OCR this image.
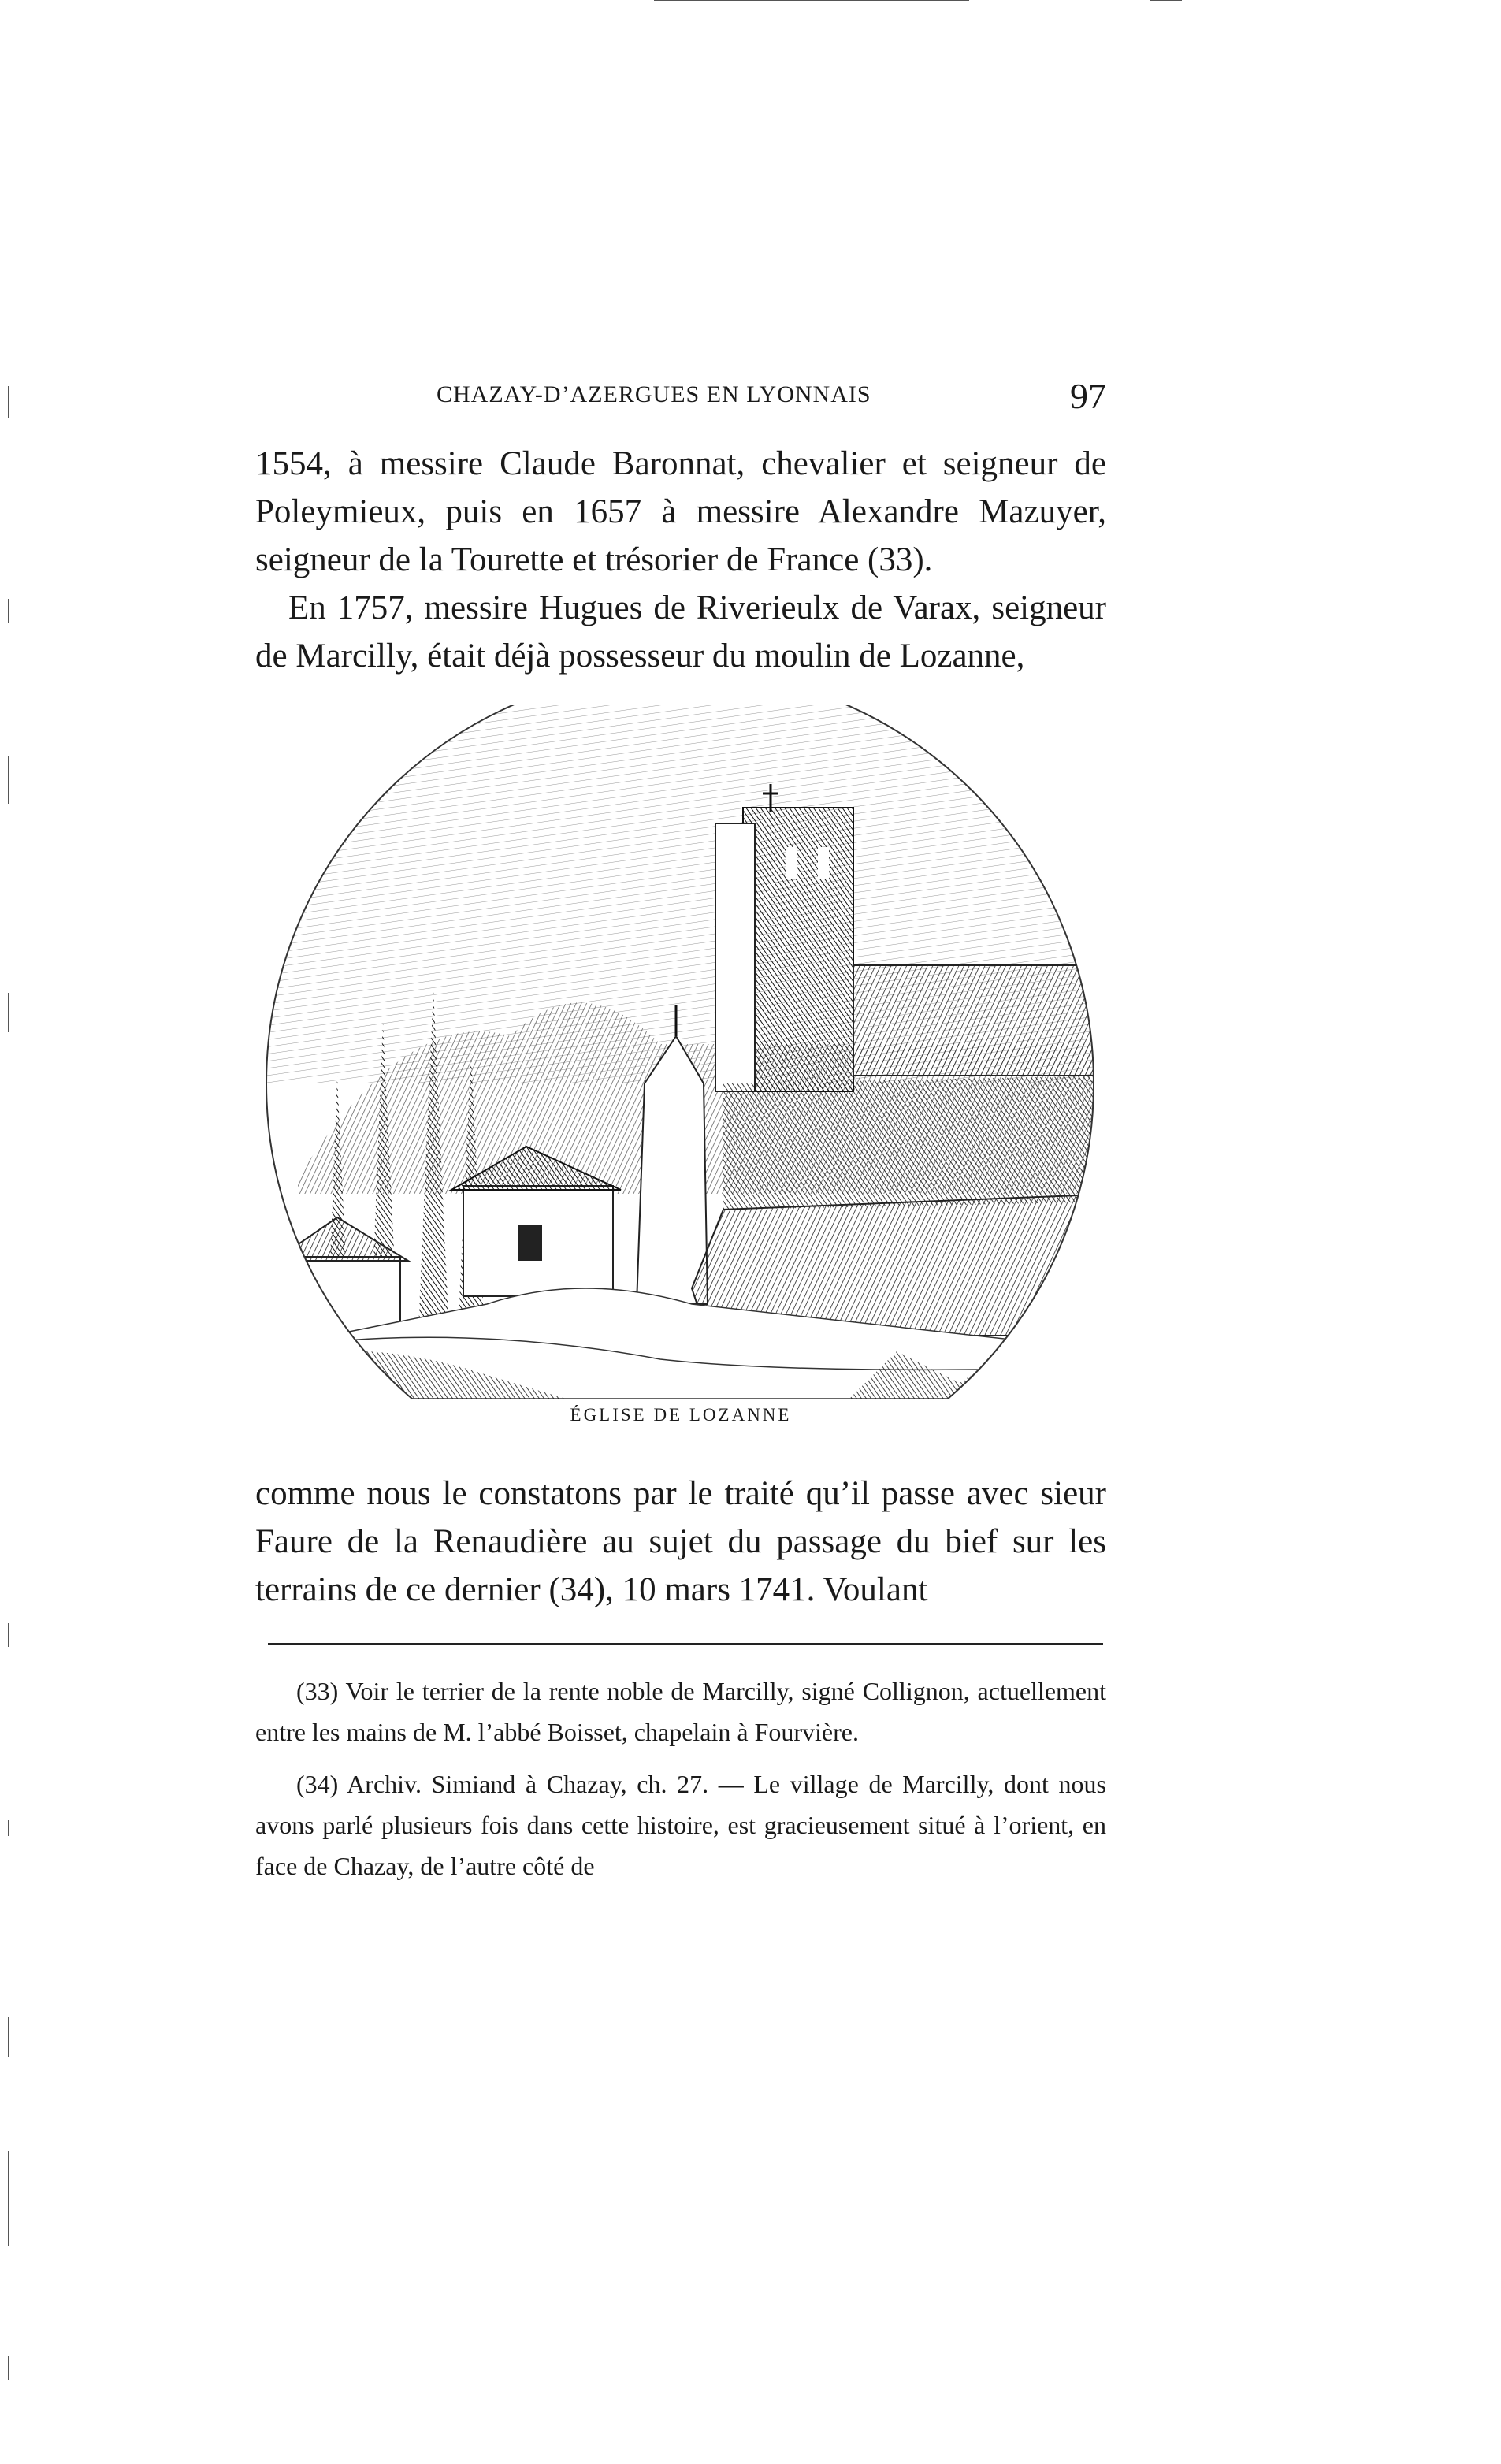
CHAZAY-D’AZERGUES EN LYONNAIS	97

1554, à messire Claude Baronnat, chevalier et seigneur de Poleymieux, puis en 1657 à messire Alexandre Mazuyer, seigneur de la Tourette et trésorier de France (33).

En 1757, messire Hugues de Riverieulx de Varax, seigneur de Marcilly, était déjà possesseur du moulin de Lozanne,

ÉGLISE DE LOZANNE

comme nous le constatons par le traité qu’il passe avec sieur Faure de la Renaudière au sujet du passage du bief sur les terrains de ce dernier (34), 10 mars 1741. Voulant

(33) Voir le terrier de la rente noble de Marcilly, signé Collignon, actuellement entre les mains de M. l’abbé Boisset, chapelain à Fourvière.

(34) Archiv. Simiand à Chazay, ch. 27. — Le village de Marcilly, dont nous avons parlé plusieurs fois dans cette histoire, est gracieusement situé à l’orient, en face de Chazay, de l’autre côté de
